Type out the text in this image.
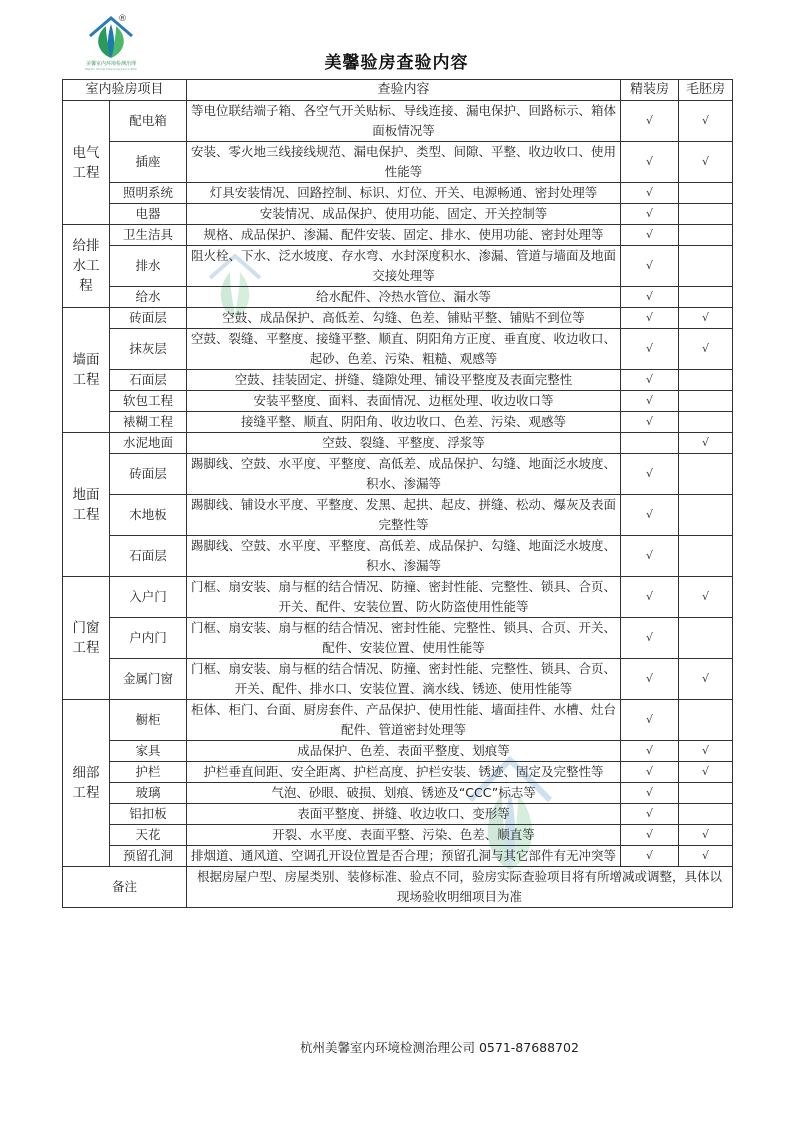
美馨室内环境检测治理
MeiXin Shinei Huanjing Jiance Zhili
®
美馨验房查验内容
室内验房项目		查验内容	精装房	毛胚房
电气工程	配电箱	等电位联结端子箱、各空气开关贴标、导线连接、漏电保护、回路标示、箱体面板情况等	√	√
	插座	安装、零火地三线接线规范、漏电保护、类型、间隙、平整、收边收口、使用性能等	√	√
	照明系统	灯具安装情况、回路控制、标识、灯位、开关、电源畅通、密封处理等	√	
	电器	安装情况、成品保护、使用功能、固定、开关控制等	√	
给排水工程	卫生洁具	规格、成品保护、渗漏、配件安装、固定、排水、使用功能、密封处理等	√	
	排水	阻火栓、下水、泛水坡度、存水弯、水封深度积水、渗漏、管道与墙面及地面交接处理等	√	
	给水	给水配件、冷热水管位、漏水等	√	
墙面工程	砖面层	空鼓、成品保护、高低差、勾缝、色差、铺贴平整、铺贴不到位等	√	√
	抹灰层	空鼓、裂缝、平整度、接缝平整、顺直、阴阳角方正度、垂直度、收边收口、起砂、色差、污染、粗糙、观感等	√	√
	石面层	空鼓、挂装固定、拼缝、缝隙处理、铺设平整度及表面完整性	√	
	软包工程	安装平整度、面料、表面情况、边框处理、收边收口等	√	
	裱糊工程	接缝平整、顺直、阴阳角、收边收口、色差、污染、观感等	√	
地面工程	水泥地面	空鼓、裂缝、平整度、浮浆等		√
	砖面层	踢脚线、空鼓、水平度、平整度、高低差、成品保护、勾缝、地面泛水坡度、积水、渗漏等	√	
	木地板	踢脚线、铺设水平度、平整度、发黑、起拱、起皮、拼缝、松动、爆灰及表面完整性等	√	
	石面层	踢脚线、空鼓、水平度、平整度、高低差、成品保护、勾缝、地面泛水坡度、积水、渗漏等	√	
门窗工程	入户门	门框、扇安装、扇与框的结合情况、防撞、密封性能、完整性、锁具、合页、开关、配件、安装位置、防火防盗使用性能等	√	√
	户内门	门框、扇安装、扇与框的结合情况、密封性能、完整性、锁具、合页、开关、配件、安装位置、使用性能等	√	
	金属门窗	门框、扇安装、扇与框的结合情况、防撞、密封性能、完整性、锁具、合页、开关、配件、排水口、安装位置、滴水线、锈迹、使用性能等	√	√
细部工程	橱柜	柜体、柜门、台面、厨房套件、产品保护、使用性能、墙面挂件、水槽、灶台配件、管道密封处理等	√	
	家具	成品保护、色差、表面平整度、划痕等	√	√
	护栏	护栏垂直间距、安全距离、护栏高度、护栏安装、锈迹、固定及完整性等	√	√
	玻璃	气泡、砂眼、破损、划痕、锈迹及“CCC”标志等	√	
	铝扣板	表面平整度、拼缝、收边收口、变形等	√	
	天花	开裂、水平度、表面平整、污染、色差、顺直等	√	√
	预留孔洞	排烟道、通风道、空调孔开设位置是否合理；预留孔洞与其它部件有无冲突等	√	√
备注		根据房屋户型、房屋类别、装修标准、验点不同，验房实际查验项目将有所增减或调整，具体以现场验收明细项目为准		
杭州美馨室内环境检测治理公司 0571-87688702
